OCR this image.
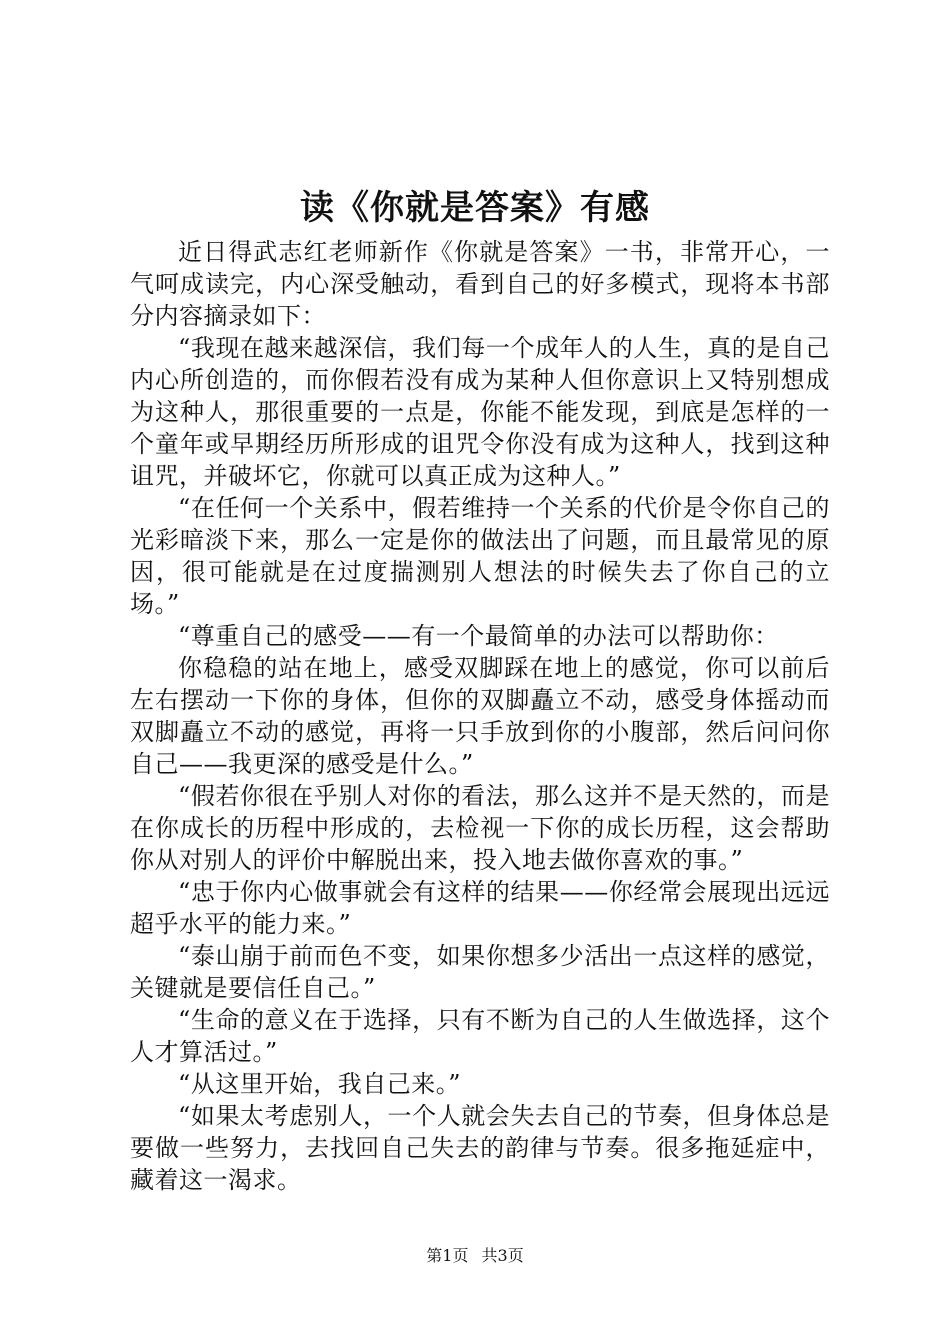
读《你就是答案》有感

近日得武志红老师新作《你就是答案》一书，非常开心，一气呵成读完，内心深受触动，看到自己的好多模式，现将本书部分内容摘录如下：

“我现在越来越深信，我们每一个成年人的人生，真的是自己内心所创造的，而你假若没有成为某种人但你意识上又特别想成为这种人，那很重要的一点是，你能不能发现，到底是怎样的一个童年或早期经历所形成的诅咒令你没有成为这种人，找到这种诅咒，并破坏它，你就可以真正成为这种人。”

“在任何一个关系中，假若维持一个关系的代价是令你自己的光彩暗淡下来，那么一定是你的做法出了问题，而且最常见的原因，很可能就是在过度揣测别人想法的时候失去了你自己的立场。”

“尊重自己的感受——有一个最简单的办法可以帮助你：

你稳稳的站在地上，感受双脚踩在地上的感觉，你可以前后左右摆动一下你的身体，但你的双脚矗立不动，感受身体摇动而双脚矗立不动的感觉，再将一只手放到你的小腹部，然后问问你自己——我更深的感受是什么。”

“假若你很在乎别人对你的看法，那么这并不是天然的，而是在你成长的历程中形成的，去检视一下你的成长历程，这会帮助你从对别人的评价中解脱出来，投入地去做你喜欢的事。”

“忠于你内心做事就会有这样的结果——你经常会展现出远远超乎水平的能力来。”

“泰山崩于前而色不变，如果你想多少活出一点这样的感觉，关键就是要信任自己。”

“生命的意义在于选择，只有不断为自己的人生做选择，这个人才算活过。”

“从这里开始，我自己来。”

“如果太考虑别人，一个人就会失去自己的节奏，但身体总是要做一些努力，去找回自己失去的韵律与节奏。很多拖延症中，藏着这一渴求。

第1页 共3页
